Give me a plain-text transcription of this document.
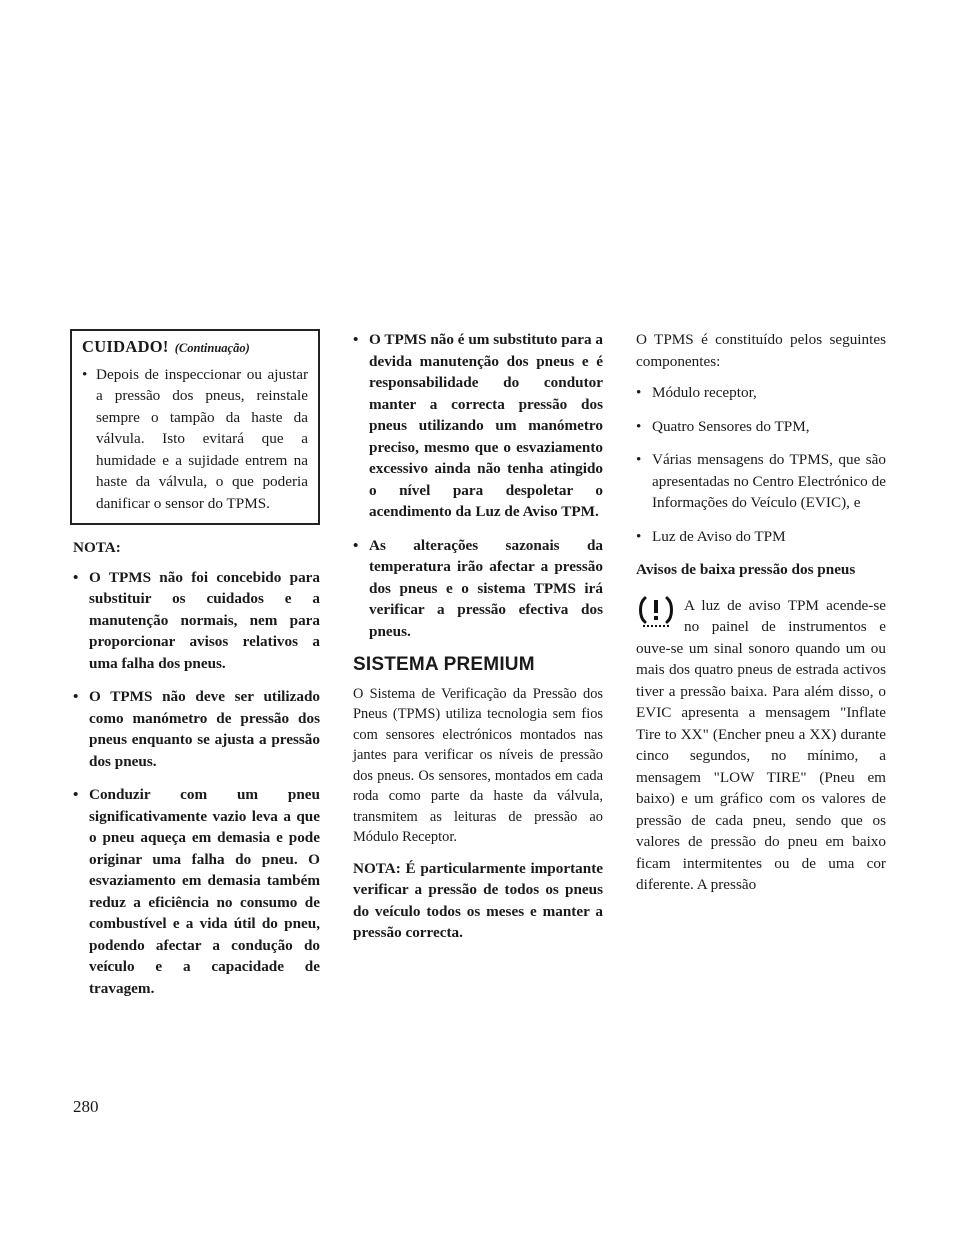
CUIDADO! (Continuação)
• Depois de inspeccionar ou ajustar a pressão dos pneus, reinstale sempre o tampão da haste da válvula. Isto evitará que a humidade e a sujidade entrem na haste da válvula, o que poderia danificar o sensor do TPMS.
NOTA:
• O TPMS não foi concebido para substituir os cuidados e a manutenção normais, nem para proporcionar avisos relativos a uma falha dos pneus.
• O TPMS não deve ser utilizado como manómetro de pressão dos pneus enquanto se ajusta a pressão dos pneus.
• Conduzir com um pneu significativamente vazio leva a que o pneu aqueça em demasia e pode originar uma falha do pneu. O esvaziamento em demasia também reduz a eficiência no consumo de combustível e a vida útil do pneu, podendo afectar a condução do veículo e a capacidade de travagem.
• O TPMS não é um substituto para a devida manutenção dos pneus e é responsabilidade do condutor manter a correcta pressão dos pneus utilizando um manómetro preciso, mesmo que o esvaziamento excessivo ainda não tenha atingido o nível para despoletar o acendimento da Luz de Aviso TPM.
• As alterações sazonais da temperatura irão afectar a pressão dos pneus e o sistema TPMS irá verificar a pressão efectiva dos pneus.
SISTEMA PREMIUM

O Sistema de Verificação da Pressão dos Pneus (TPMS) utiliza tecnologia sem fios com sensores electrónicos montados nas jantes para verificar os níveis de pressão dos pneus. Os sensores, montados em cada roda como parte da haste da válvula, transmitem as leituras de pressão ao Módulo Receptor.

NOTA: É particularmente importante verificar a pressão de todos os pneus do veículo todos os meses e manter a pressão correcta.

O TPMS é constituído pelos seguintes componentes:

• Módulo receptor,
• Quatro Sensores do TPM,
• Várias mensagens do TPMS, que são apresentadas no Centro Electrónico de Informações do Veículo (EVIC), e
• Luz de Aviso do TPM
Avisos de baixa pressão dos pneus

A luz de aviso TPM acende-se no painel de instrumentos e ouve-se um sinal sonoro quando um ou mais dos quatro pneus de estrada activos tiver a pressão baixa. Para além disso, o EVIC apresenta a mensagem "Inflate Tire to XX" (Encher pneu a XX) durante cinco segundos, no mínimo, a mensagem "LOW TIRE" (Pneu em baixo) e um gráfico com os valores de pressão de cada pneu, sendo que os valores de pressão do pneu em baixo ficam intermitentes ou de uma cor diferente. A pressão

280
